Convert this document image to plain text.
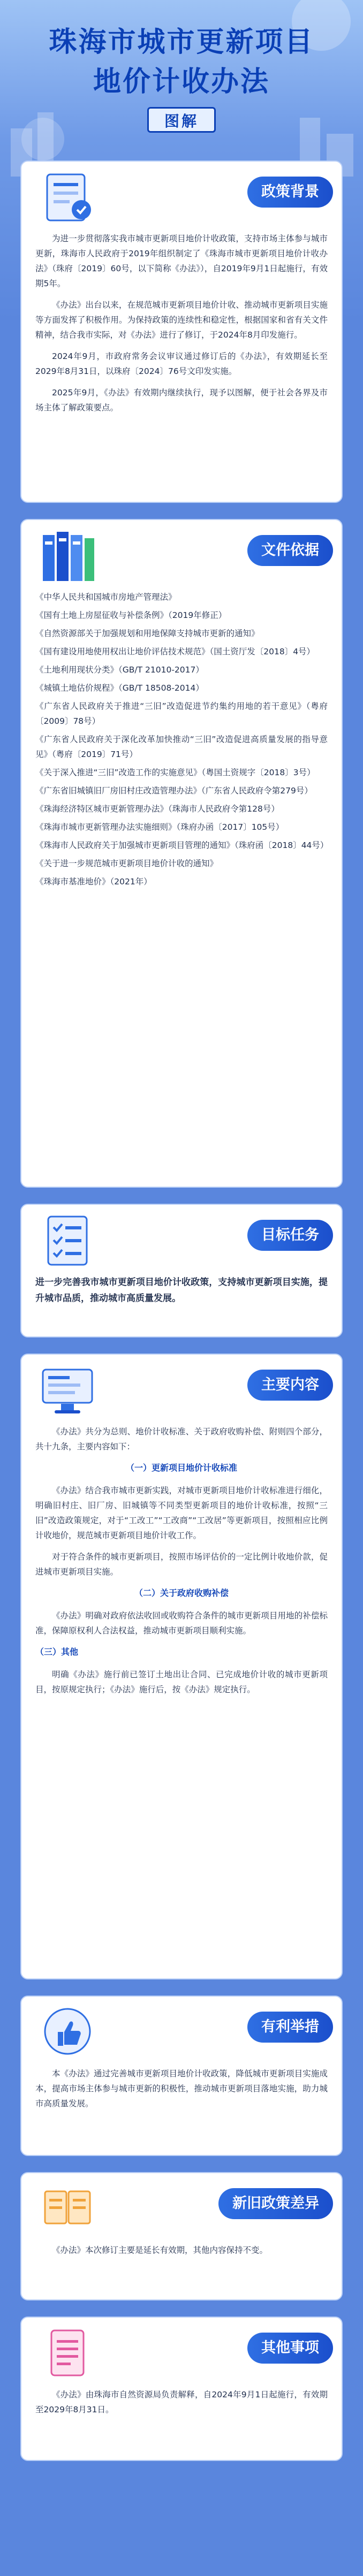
珠海市城市更新项目
地价计收办法
图解
政策背景

为进一步贯彻落实我市城市更新项目地价计收政策，支持市场主体参与城市更新，珠海市人民政府于2019年组织制定了《珠海市城市更新项目地价计收办法》（珠府〔2019〕60号，以下简称《办法》），自2019年9月1日起施行，有效期5年。

《办法》出台以来，在规范城市更新项目地价计收、推动城市更新项目实施等方面发挥了积极作用。为保持政策的连续性和稳定性，根据国家和省有关文件精神，结合我市实际，对《办法》进行了修订，于2024年8月印发施行。

2024年9月，市政府常务会议审议通过修订后的《办法》，有效期延长至2029年8月31日，以珠府〔2024〕76号文印发实施。

2025年9月，《办法》有效期内继续执行，现予以图解，便于社会各界及市场主体了解政策要点。

文件依据

《中华人民共和国城市房地产管理法》

《国有土地上房屋征收与补偿条例》（2019年修正）

《自然资源部关于加强规划和用地保障支持城市更新的通知》

《国有建设用地使用权出让地价评估技术规范》（国土资厅发〔2018〕4号）

《土地利用现状分类》（GB/T 21010-2017）

《城镇土地估价规程》（GB/T 18508-2014）

《广东省人民政府关于推进“三旧”改造促进节约集约用地的若干意见》（粤府〔2009〕78号）

《广东省人民政府关于深化改革加快推动“三旧”改造促进高质量发展的指导意见》（粤府〔2019〕71号）

《关于深入推进“三旧”改造工作的实施意见》（粤国土资规字〔2018〕3号）

《广东省旧城镇旧厂房旧村庄改造管理办法》（广东省人民政府令第279号）

《珠海经济特区城市更新管理办法》（珠海市人民政府令第128号）

《珠海市城市更新管理办法实施细则》（珠府办函〔2017〕105号）

《珠海市人民政府关于加强城市更新项目管理的通知》（珠府函〔2018〕44号）

《关于进一步规范城市更新项目地价计收的通知》

《珠海市基准地价》（2021年）

目标任务
进一步完善我市城市更新项目地价计收政策，支持城市更新项目实施，提升城市品质，推动城市高质量发展。
主要内容

《办法》共分为总则、地价计收标准、关于政府收购补偿、附则四个部分，共十九条，主要内容如下：

（一）更新项目地价计收标准

《办法》结合我市城市更新实践，对城市更新项目地价计收标准进行细化，明确旧村庄、旧厂房、旧城镇等不同类型更新项目的地价计收标准，按照“三旧”改造政策规定，对于“工改工”“工改商”“工改居”等更新项目，按照相应比例计收地价，规范城市更新项目地价计收工作。

对于符合条件的城市更新项目，按照市场评估价的一定比例计收地价款，促进城市更新项目实施。

（二）关于政府收购补偿

《办法》明确对政府依法收回或收购符合条件的城市更新项目用地的补偿标准，保障原权利人合法权益，推动城市更新项目顺利实施。

（三）其他

明确《办法》施行前已签订土地出让合同、已完成地价计收的城市更新项目，按原规定执行；《办法》施行后，按《办法》规定执行。

有利举措

本《办法》通过完善城市更新项目地价计收政策，降低城市更新项目实施成本，提高市场主体参与城市更新的积极性，推动城市更新项目落地实施，助力城市高质量发展。

新旧政策差异

《办法》本次修订主要是延长有效期，其他内容保持不变。

其他事项

《办法》由珠海市自然资源局负责解释，自2024年9月1日起施行，有效期至2029年8月31日。
